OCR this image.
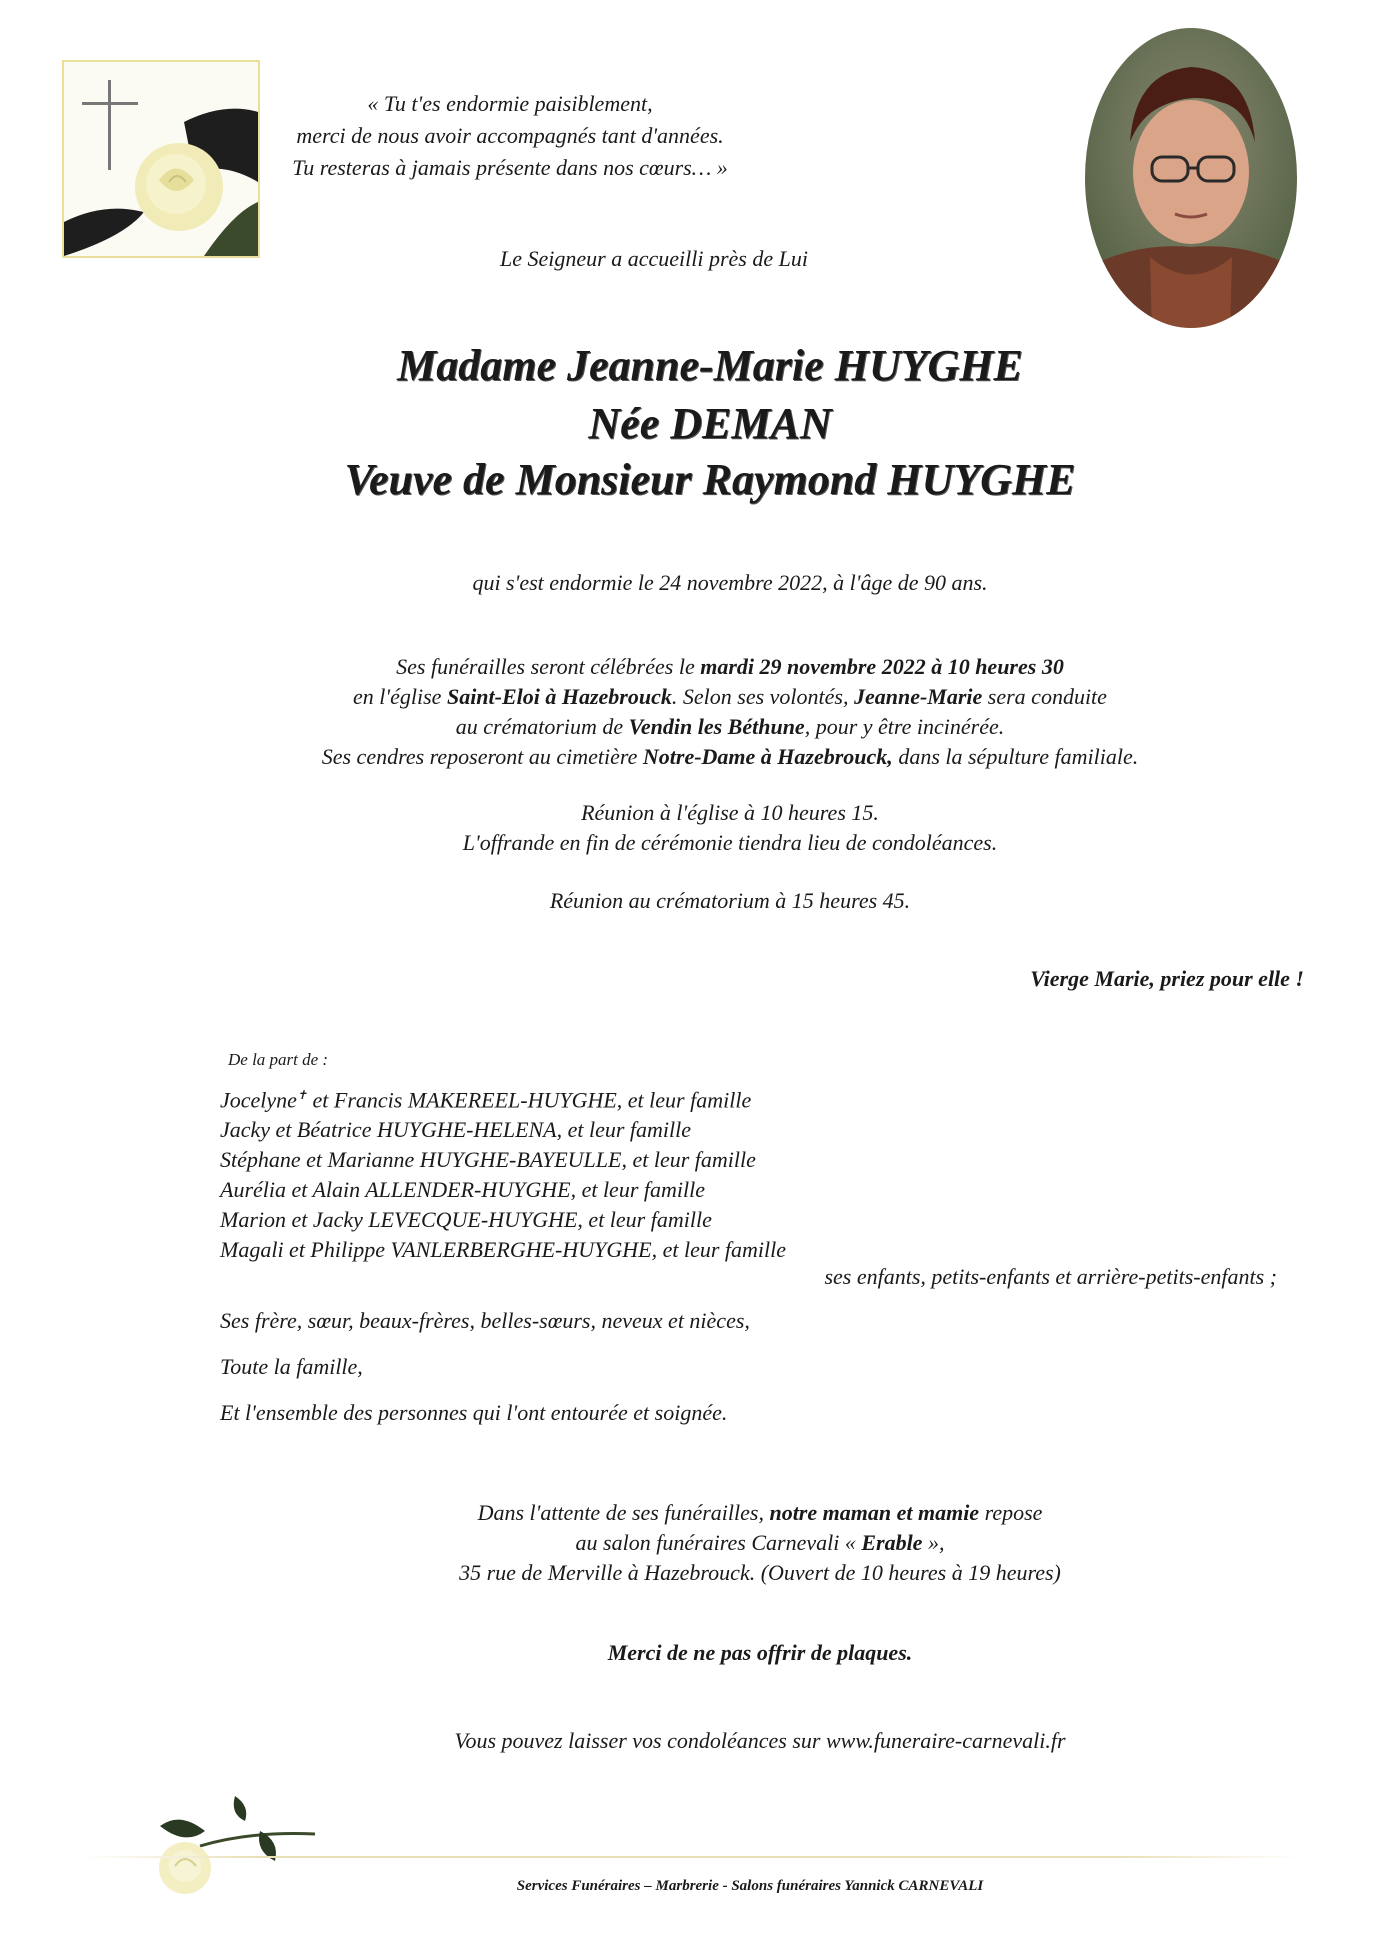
« Tu t'es endormie paisiblement,
merci de nous avoir accompagnés tant d'années.
Tu resteras à jamais présente dans nos cœurs… »
Le Seigneur a accueilli près de Lui
Madame Jeanne-Marie HUYGHE
Née DEMAN
Veuve de Monsieur Raymond HUYGHE
qui s'est endormie le 24 novembre 2022, à l'âge de 90 ans.
Ses funérailles seront célébrées le mardi 29 novembre 2022 à 10 heures 30
en l'église Saint-Eloi à Hazebrouck. Selon ses volontés, Jeanne-Marie sera conduite
au crématorium de Vendin les Béthune, pour y être incinérée.
Ses cendres reposeront au cimetière Notre-Dame à Hazebrouck, dans la sépulture familiale.
Réunion à l'église à 10 heures 15.
L'offrande en fin de cérémonie tiendra lieu de condoléances.
Réunion au crématorium à 15 heures 45.
Vierge Marie, priez pour elle !
De la part de :
Jocelyne✝ et Francis MAKEREEL-HUYGHE, et leur famille
Jacky et Béatrice HUYGHE-HELENA, et leur famille
Stéphane et Marianne HUYGHE-BAYEULLE, et leur famille
Aurélia et Alain ALLENDER-HUYGHE, et leur famille
Marion et Jacky LEVECQUE-HUYGHE, et leur famille
Magali et Philippe VANLERBERGHE-HUYGHE, et leur famille
ses enfants, petits-enfants et arrière-petits-enfants ;
Ses frère, sœur, beaux-frères, belles-sœurs, neveux et nièces,
Toute la famille,
Et l'ensemble des personnes qui l'ont entourée et soignée.
Dans l'attente de ses funérailles, notre maman et mamie repose
au salon funéraires Carnevali « Erable »,
35 rue de Merville à Hazebrouck. (Ouvert de 10 heures à 19 heures)
Merci de ne pas offrir de plaques.
Vous pouvez laisser vos condoléances sur www.funeraire-carnevali.fr
Services Funéraires – Marbrerie - Salons funéraires Yannick CARNEVALI
